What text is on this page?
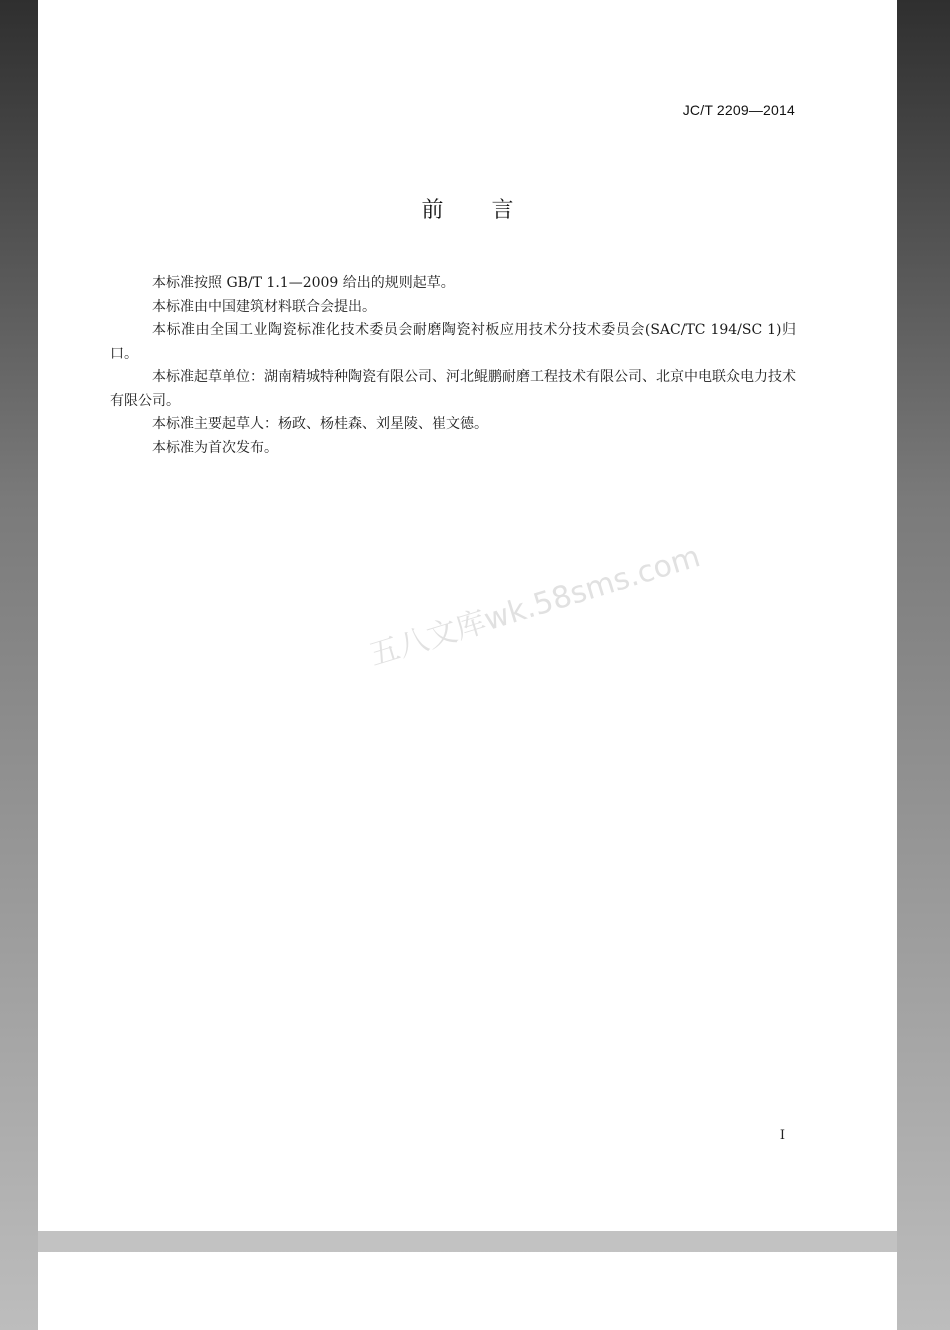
JC/T 2209—2014
前言

本标准按照 GB/T 1.1—2009 给出的规则起草。

本标准由中国建筑材料联合会提出。

本标准由全国工业陶瓷标准化技术委员会耐磨陶瓷衬板应用技术分技术委员会(SAC/TC 194/SC 1)归口。

本标准起草单位：湖南精城特种陶瓷有限公司、河北鲲鹏耐磨工程技术有限公司、北京中电联众电力技术有限公司。

本标准主要起草人：杨政、杨桂森、刘星陵、崔文德。

本标准为首次发布。

五八文库wk.58sms.com
I
